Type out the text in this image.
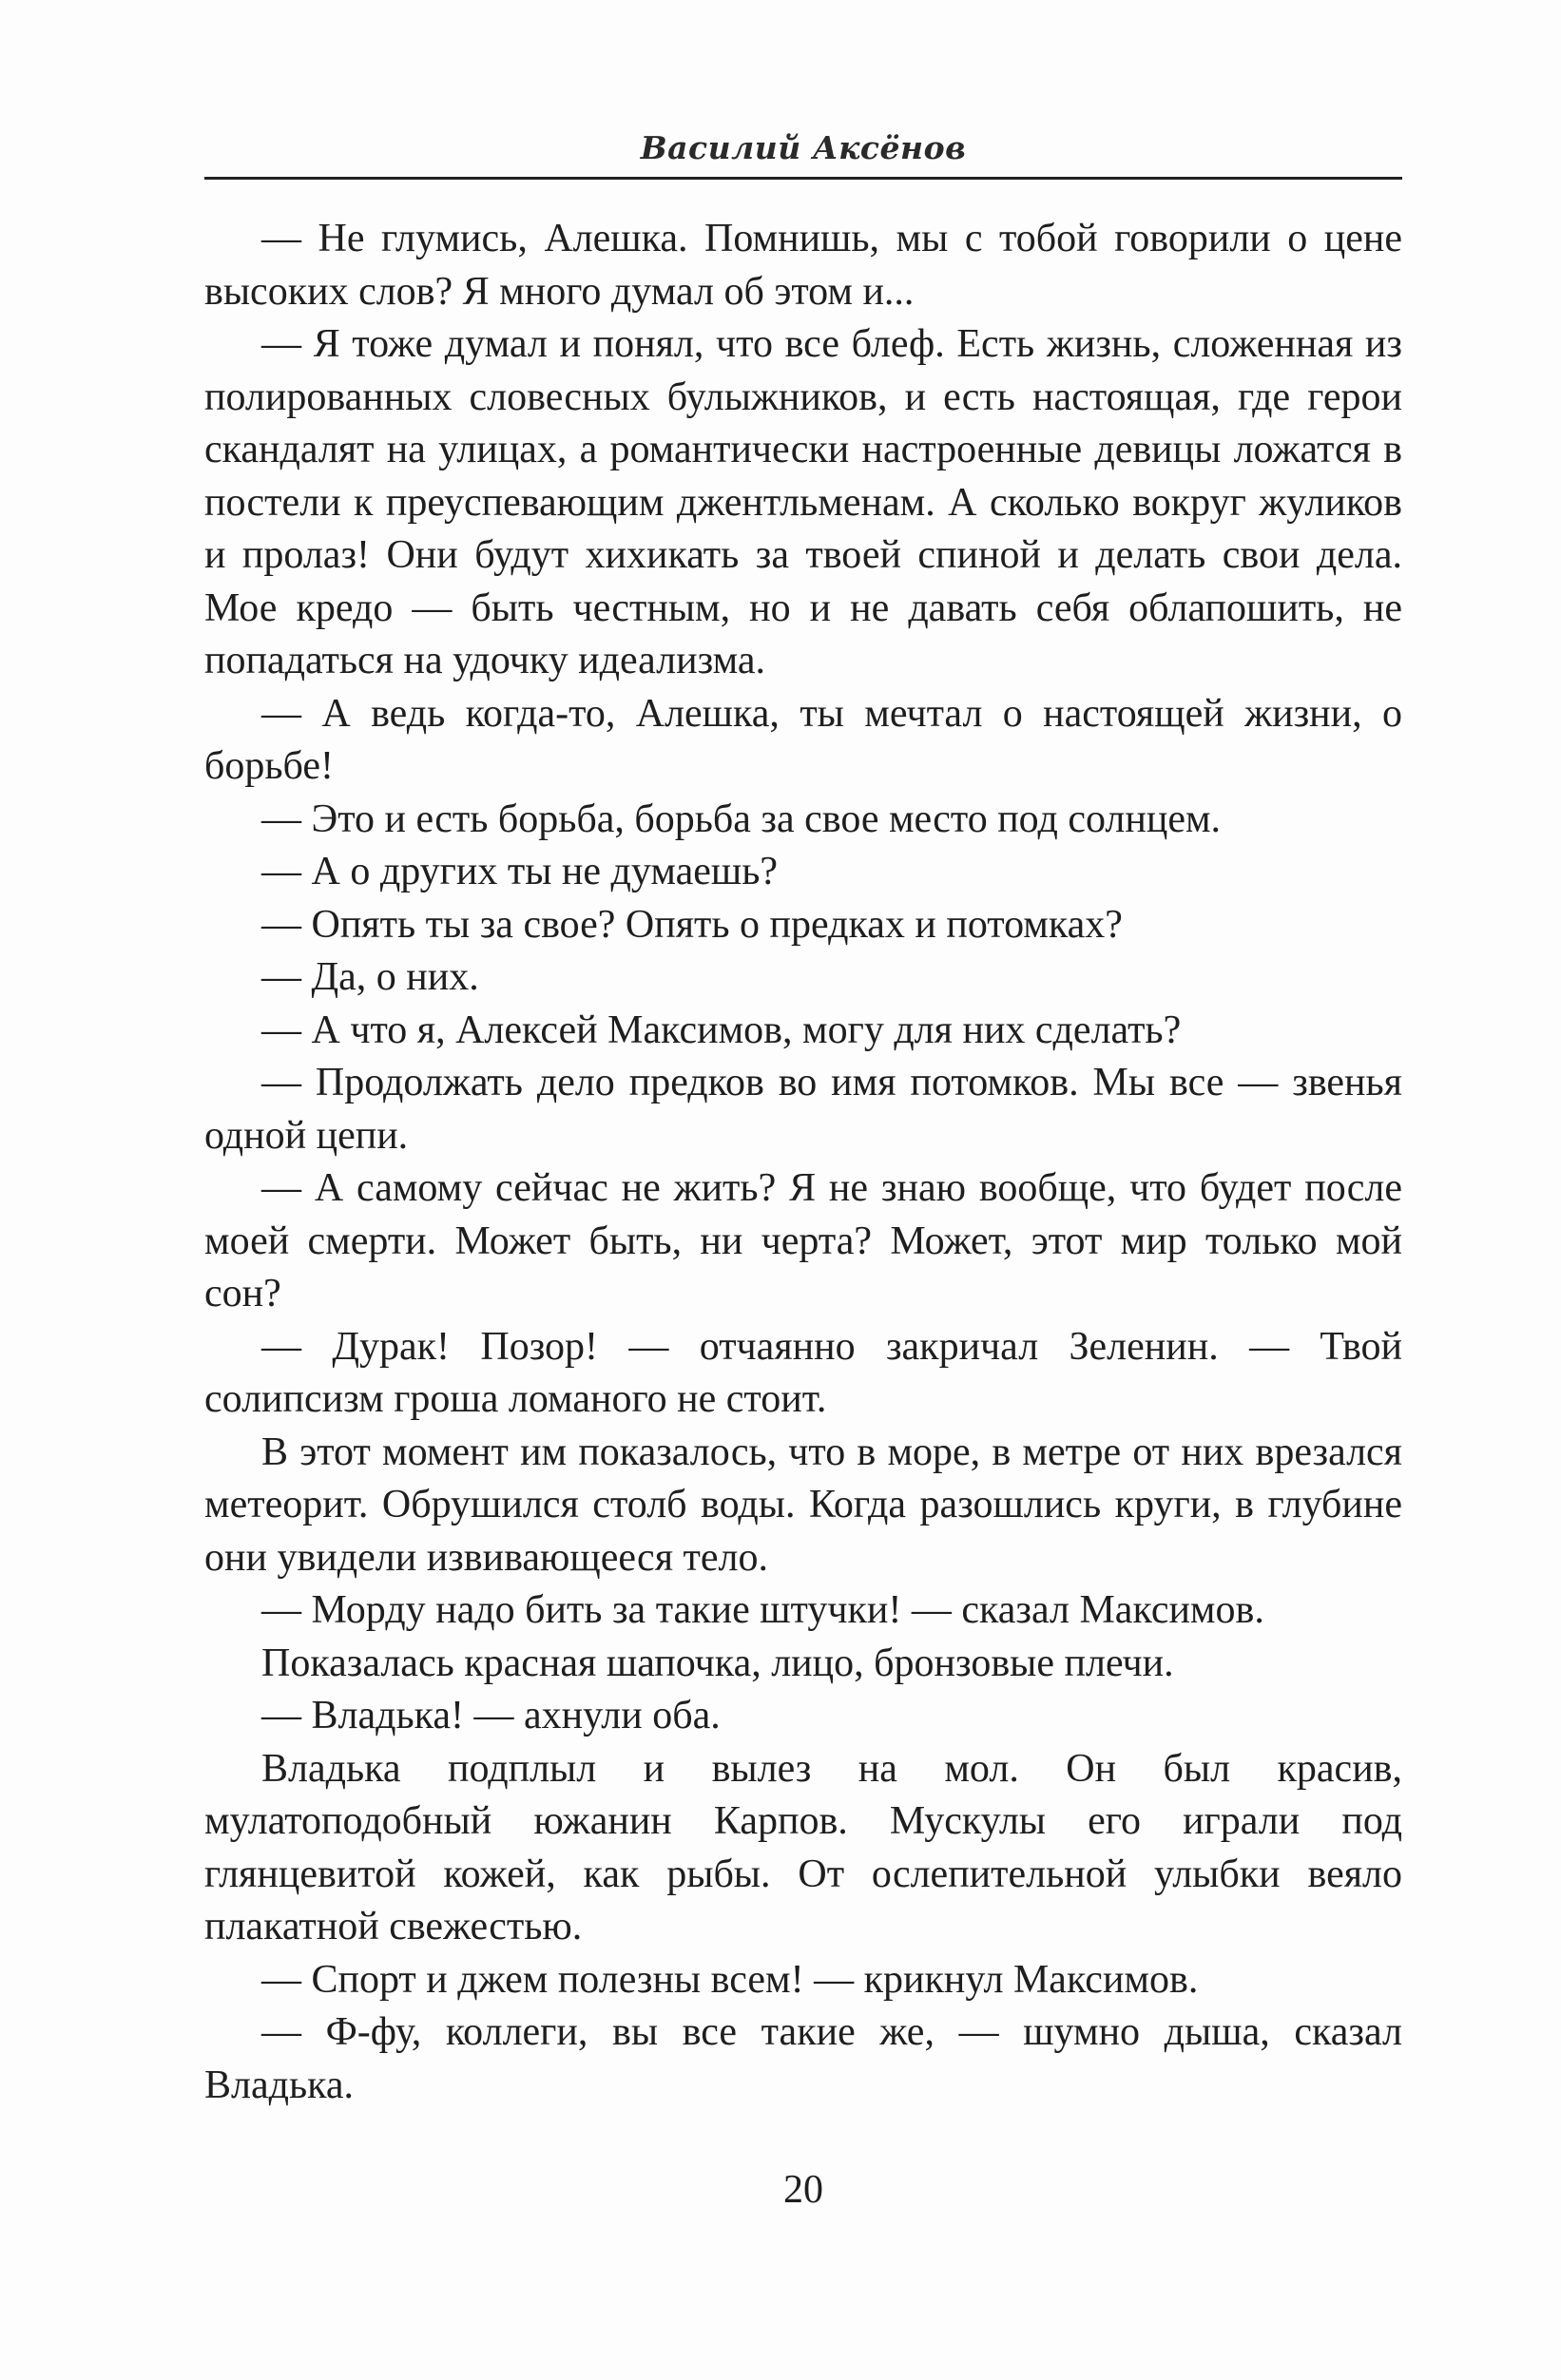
Василий Аксёнов

— Не глумись, Алешка. Помнишь, мы с тобой говорили о цене высоких слов? Я много думал об этом и...

— Я тоже думал и понял, что все блеф. Есть жизнь, сложенная из полированных словесных булыжников, и есть настоящая, где герои скандалят на улицах, а романтически настроенные девицы ложатся в постели к преуспевающим джентльменам. А сколько вокруг жуликов и пролаз! Они будут хихикать за твоей спиной и делать свои дела. Мое кредо — быть честным, но и не давать себя облапошить, не попадаться на удочку идеализма.

— А ведь когда-то, Алешка, ты мечтал о настоящей жизни, о борьбе!

— Это и есть борьба, борьба за свое место под солнцем.

— А о других ты не думаешь?

— Опять ты за свое? Опять о предках и потомках?

— Да, о них.

— А что я, Алексей Максимов, могу для них сделать?

— Продолжать дело предков во имя потомков. Мы все — звенья одной цепи.

— А самому сейчас не жить? Я не знаю вообще, что будет после моей смерти. Может быть, ни черта? Может, этот мир только мой сон?

— Дурак! Позор! — отчаянно закричал Зеленин. — Твой солипсизм гроша ломаного не стоит.

В этот момент им показалось, что в море, в метре от них врезался метеорит. Обрушился столб воды. Когда разошлись круги, в глубине они увидели извивающееся тело.

— Морду надо бить за такие штучки! — сказал Максимов.

Показалась красная шапочка, лицо, бронзовые плечи.

— Владька! — ахнули оба.

Владька подплыл и вылез на мол. Он был красив, мулатоподобный южанин Карпов. Мускулы его играли под глянцевитой кожей, как рыбы. От ослепительной улыбки веяло плакатной свежестью.

— Спорт и джем полезны всем! — крикнул Максимов.

— Ф-фу, коллеги, вы все такие же, — шумно дыша, сказал Владька.

20
